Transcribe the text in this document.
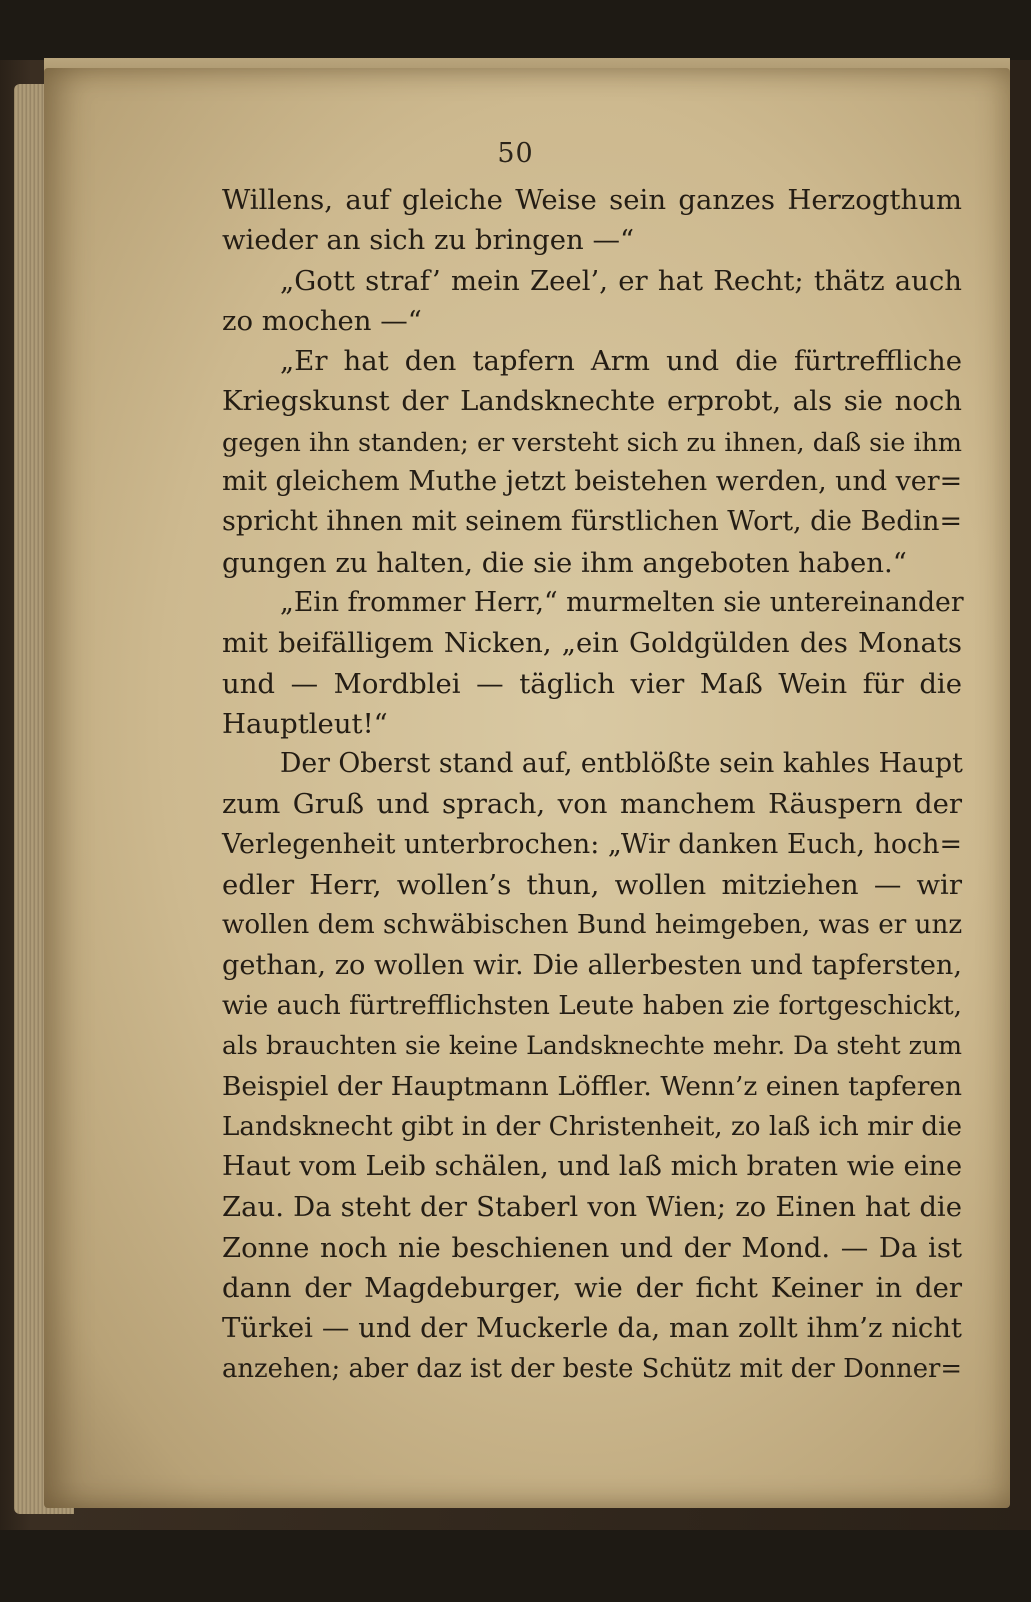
50
Willens, auf gleiche Weise sein ganzes Herzogthum
wieder an sich zu bringen —“
„Gott straf’ mein Zeel’, er hat Recht; thätz auch
zo mochen —“
„Er hat den tapfern Arm und die fürtreffliche
Kriegskunst der Landsknechte erprobt, als sie noch
gegen ihn standen; er versteht sich zu ihnen, daß sie ihm
mit gleichem Muthe jetzt beistehen werden, und ver=
spricht ihnen mit seinem fürstlichen Wort, die Bedin=
gungen zu halten, die sie ihm angeboten haben.“
„Ein frommer Herr,“ murmelten sie untereinander
mit beifälligem Nicken, „ein Goldgülden des Monats
und — Mordblei — täglich vier Maß Wein für die
Hauptleut!“
Der Oberst stand auf, entblößte sein kahles Haupt
zum Gruß und sprach, von manchem Räuspern der
Verlegenheit unterbrochen: „Wir danken Euch, hoch=
edler Herr, wollen’s thun, wollen mitziehen — wir
wollen dem schwäbischen Bund heimgeben, was er unz
gethan, zo wollen wir. Die allerbesten und tapfersten,
wie auch fürtrefflichsten Leute haben zie fortgeschickt,
als brauchten sie keine Landsknechte mehr. Da steht zum
Beispiel der Hauptmann Löffler. Wenn’z einen tapferen
Landsknecht gibt in der Christenheit, zo laß ich mir die
Haut vom Leib schälen, und laß mich braten wie eine
Zau. Da steht der Staberl von Wien; zo Einen hat die
Zonne noch nie beschienen und der Mond. — Da ist
dann der Magdeburger, wie der ficht Keiner in der
Türkei — und der Muckerle da, man zollt ihm’z nicht
anzehen; aber daz ist der beste Schütz mit der Donner=
